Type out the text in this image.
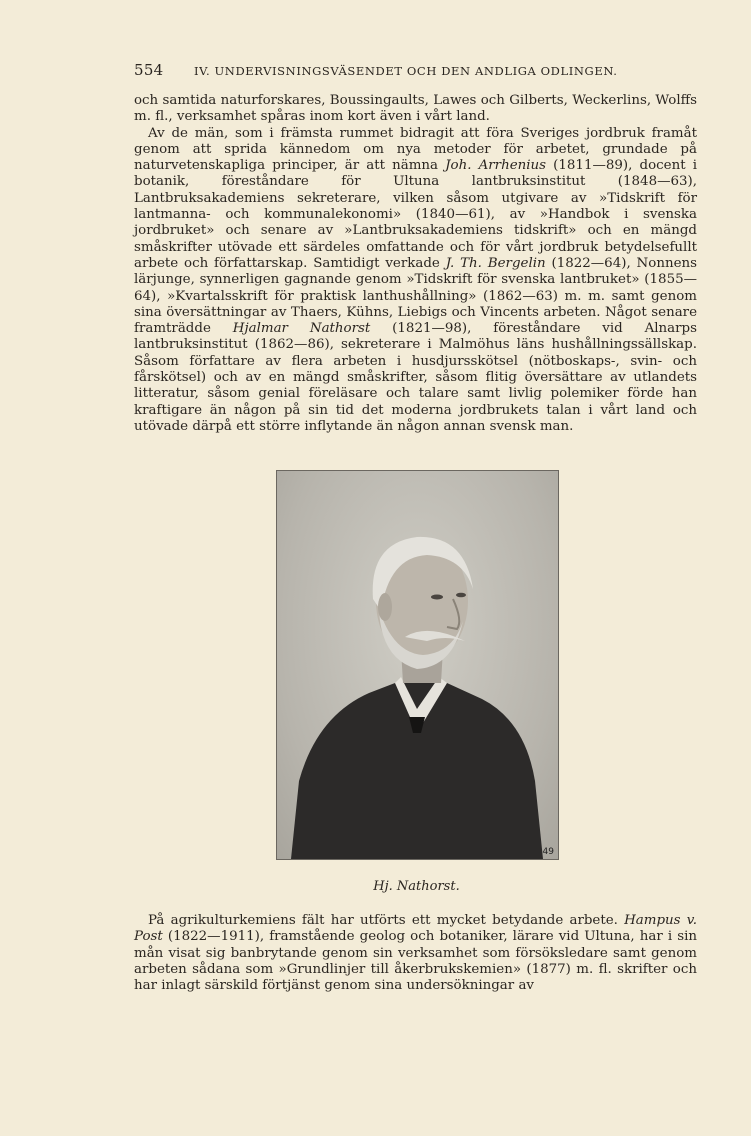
554	IV. UNDERVISNINGSVÄSENDET OCH DEN ANDLIGA ODLINGEN.

och samtida naturforskares, Boussingaults, Lawes och Gilberts, Weckerlins, Wolffs m. fl., verksamhet spåras inom kort även i vårt land.

Av de män, som i främsta rummet bidragit att föra Sveriges jordbruk framåt genom att sprida kännedom om nya metoder för arbetet, grundade på naturvetenskapliga principer, är att nämna Joh. Arrhenius (1811—89), docent i botanik, föreståndare för Ultuna lantbruksinstitut (1848—63), Lantbruksakademiens sekreterare, vilken såsom utgivare av »Tidskrift för lantmanna- och kommunalekonomi» (1840—61), av »Handbok i svenska jordbruket» och senare av »Lantbruksakademiens tidskrift» och en mängd småskrifter utövade ett särdeles omfattande och för vårt jordbruk betydelsefullt arbete och författarskap. Samtidigt verkade J. Th. Bergelin (1822—64), Nonnens lärjunge, synnerligen gagnande genom »Tidskrift för svenska lantbruket» (1855—64), »Kvartalsskrift för praktisk lanthushållning» (1862—63) m. m. samt genom sina översättningar av Thaers, Kühns, Liebigs och Vincents arbeten. Något senare framträdde Hjalmar Nathorst (1821—98), föreståndare vid Alnarps lantbruksinstitut (1862—86), sekreterare i Malmöhus läns hushållningssällskap. Såsom författare av flera arbeten i husdjursskötsel (nötboskaps-, svin- och fårskötsel) och av en mängd småskrifter, såsom flitig översättare av utlandets litteratur, såsom genial föreläsare och talare samt livlig polemiker förde han kraftigare än någon på sin tid det moderna jordbrukets talan i vårt land och utövade därpå ett större inflytande än någon annan svensk man.

49
Hj. Nathorst.

På agrikulturkemiens fält har utförts ett mycket betydande arbete. Hampus v. Post (1822—1911), framstående geolog och botaniker, lärare vid Ultuna, har i sin mån visat sig banbrytande genom sin verksamhet som försöksledare samt genom arbeten sådana som »Grundlinjer till åkerbrukskemien» (1877) m. fl. skrifter och har inlagt särskild förtjänst genom sina undersökningar av
